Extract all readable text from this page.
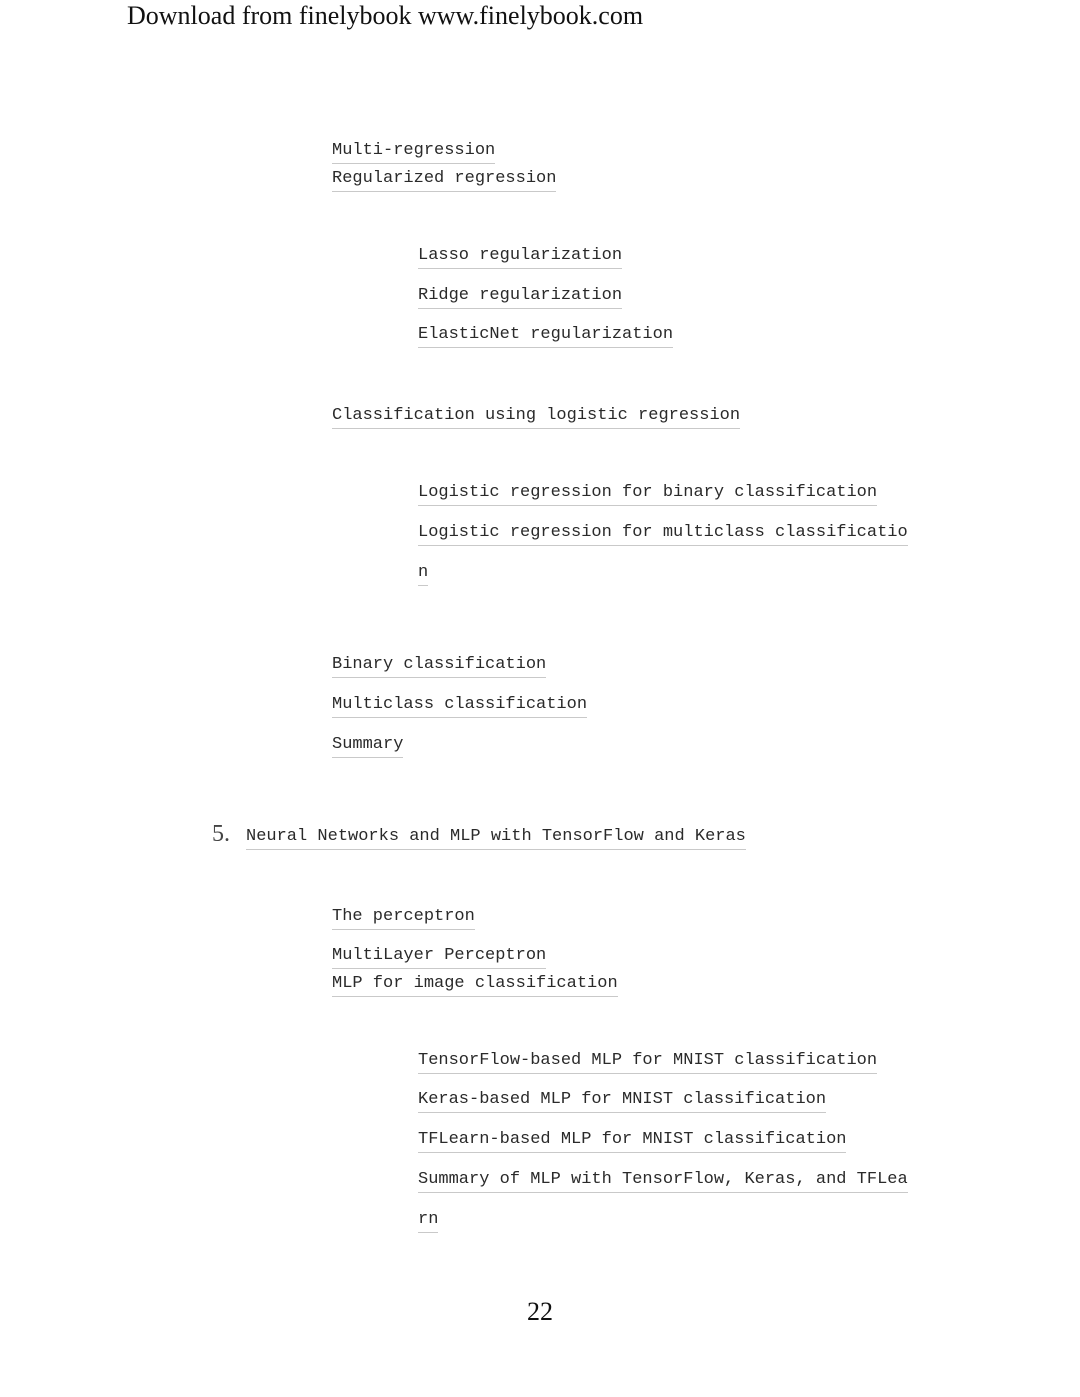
Download from finelybook www.finelybook.com
Multi-regression
Regularized regression
Lasso regularization
Ridge regularization
ElasticNet regularization
Classification using logistic regression
Logistic regression for binary classification
Logistic regression for multiclass classificatio
n
Binary classification
Multiclass classification
Summary
5. Neural Networks and MLP with TensorFlow and Keras
The perceptron
MultiLayer Perceptron
MLP for image classification
TensorFlow-based MLP for MNIST classification
Keras-based MLP for MNIST classification
TFLearn-based MLP for MNIST classification
Summary of MLP with TensorFlow, Keras, and TFLea
rn
22
